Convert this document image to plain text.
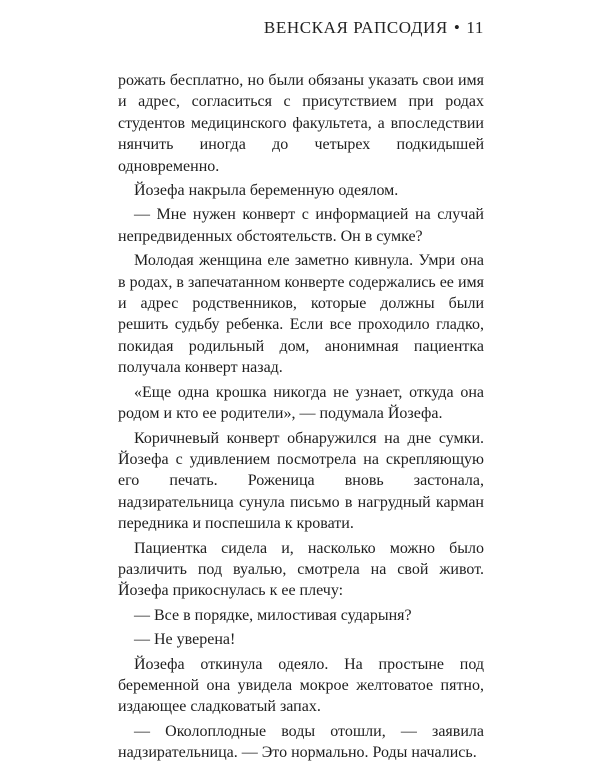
ВЕНСКАЯ РАПСОДИЯ • 11

рожать бесплатно, но были обязаны указать свои имя и адрес, согласиться с присутствием при родах студентов медицинского факультета, а впоследствии нянчить иногда до четырех подкидышей одновременно.

Йозефа накрыла беременную одеялом.

— Мне нужен конверт с информацией на случай непредвиденных обстоятельств. Он в сумке?

Молодая женщина еле заметно кивнула. Умри она в родах, в запечатанном конверте содержались ее имя и адрес родственников, которые должны были решить судьбу ребенка. Если все проходило гладко, покидая родильный дом, анонимная пациентка получала конверт назад.

«Еще одна крошка никогда не узнает, откуда она родом и кто ее родители», — подумала Йозефа.

Коричневый конверт обнаружился на дне сумки. Йозефа с удивлением посмотрела на скрепляющую его печать. Роженица вновь застонала, надзирательница сунула письмо в нагрудный карман передника и поспешила к кровати.

Пациентка сидела и, насколько можно было различить под вуалью, смотрела на свой живот. Йозефа прикоснулась к ее плечу:

— Все в порядке, милостивая сударыня?

— Не уверена!

Йозефа откинула одеяло. На простыне под беременной она увидела мокрое желтоватое пятно, издающее сладковатый запах.

— Околоплодные воды отошли, — заявила надзирательница. — Это нормально. Роды начались.
